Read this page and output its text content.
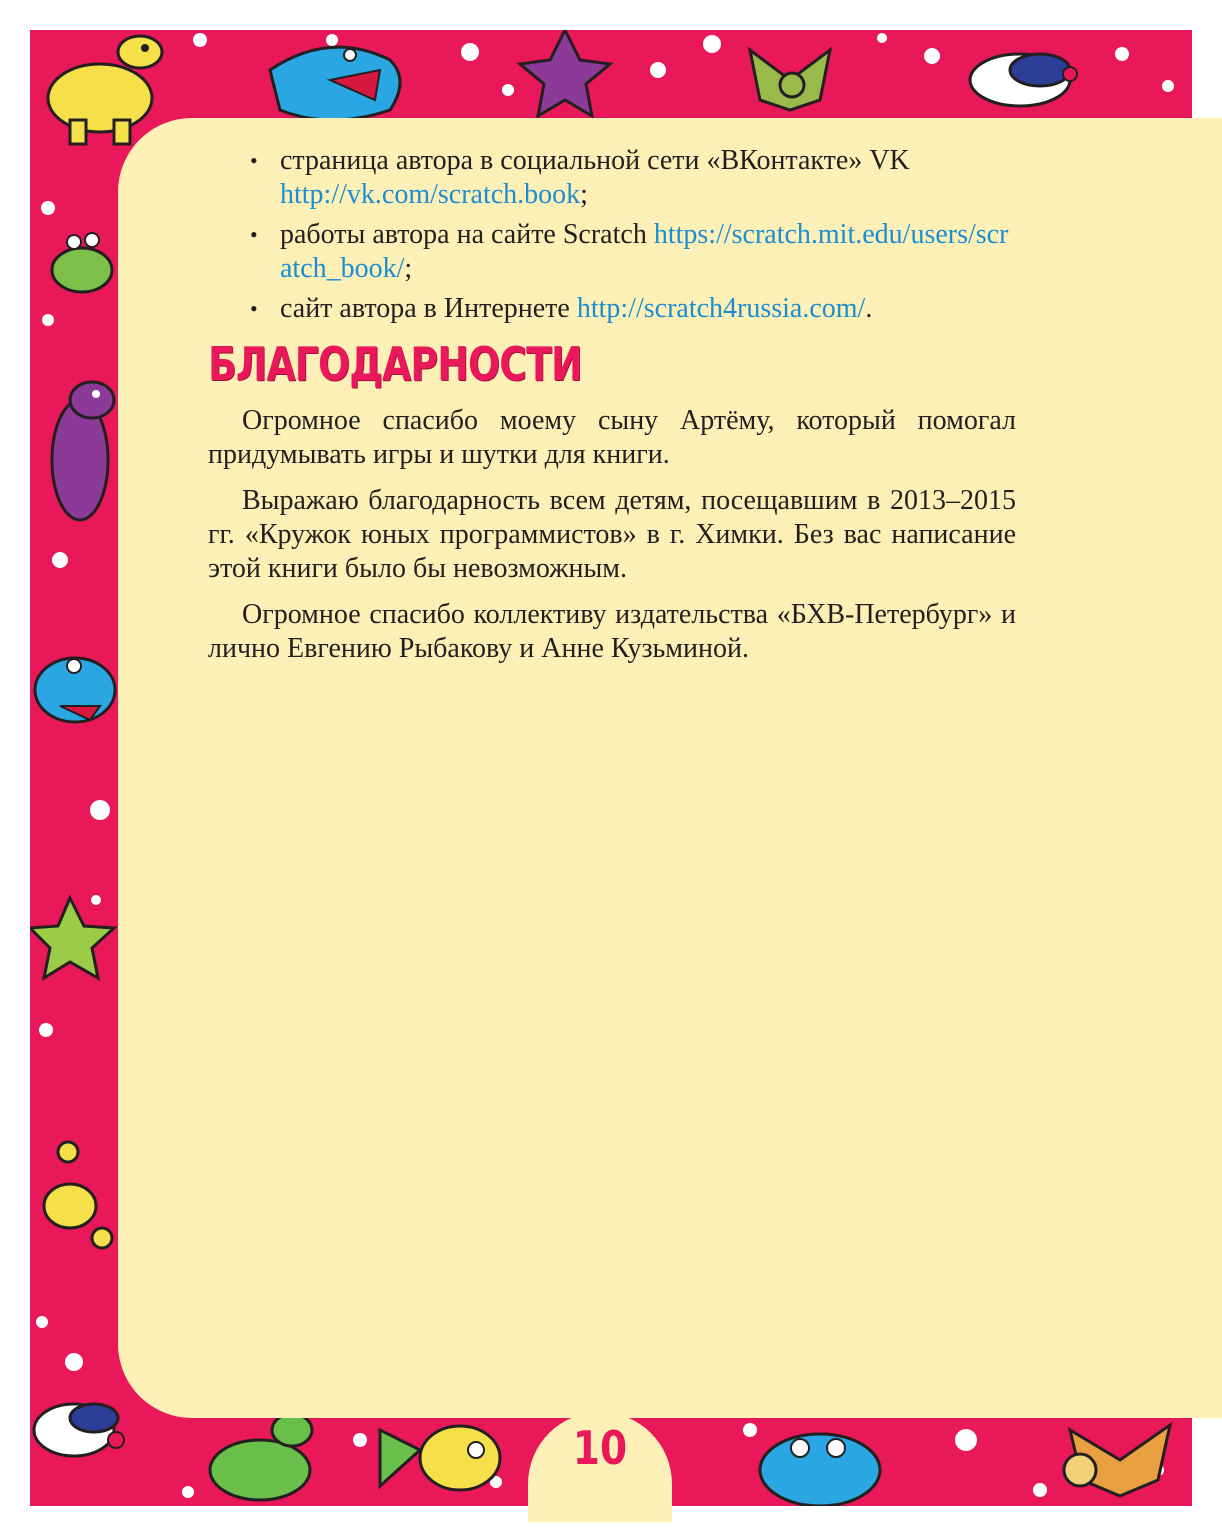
• страница автора в социальной сети «ВКонтакте» VK http://vk.com/scratch.book;
• работы автора на сайте Scratch https://scratch.mit.edu/users/scratch_book/;
• сайт автора в Интернете http://scratch4russia.com/.
БЛАГОДАРНОСТИ

Огромное спасибо моему сыну Артёму, который помогал придумывать игры и шутки для книги.

Выражаю благодарность всем детям, посещавшим в 2013–2015 гг. «Кружок юных программистов» в г. Химки. Без вас написание этой книги было бы невозможным.

Огромное спасибо коллективу издательства «БХВ-Петербург» и лично Евгению Рыбакову и Анне Кузьминой.

10
